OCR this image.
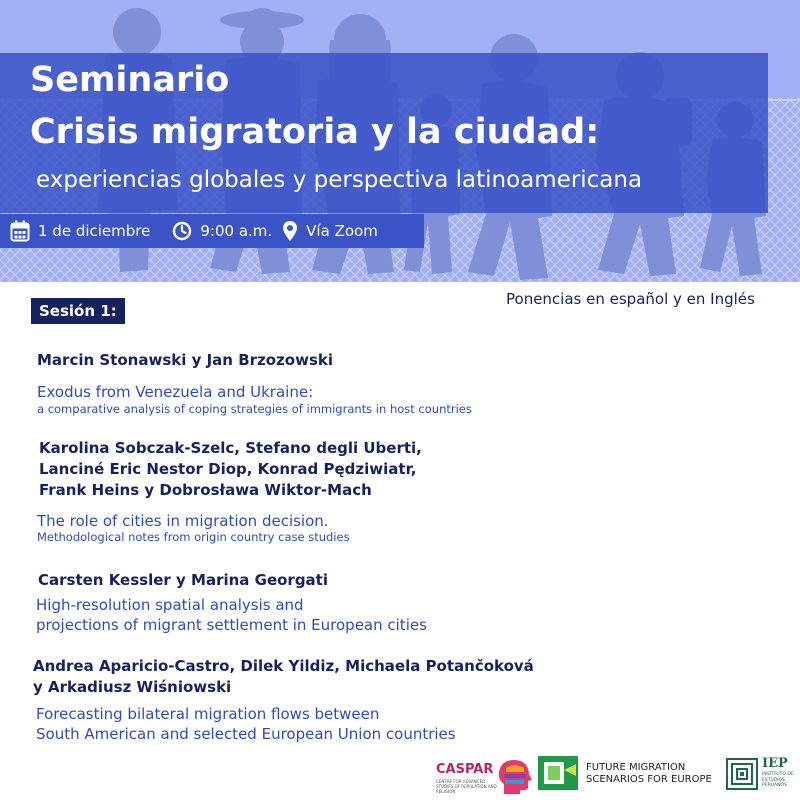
Seminario
Crisis migratoria y la ciudad:
experiencias globales y perspectiva latinoamericana
1 de diciembre	9:00 a.m. Vía Zoom
Ponencias en español y en Inglés
Sesión 1:
Marcin Stonawski y Jan Brzozowski
Exodus from Venezuela and Ukraine:
a comparative analysis of coping strategies of immigrants in host countries
Karolina Sobczak-Szelc, Stefano degli Uberti,
Lanciné Eric Nestor Diop, Konrad Pędziwiatr,
Frank Heins y Dobrosława Wiktor-Mach
The role of cities in migration decision.
Methodological notes from origin country case studies
Carsten Kessler y Marina Georgati
High-resolution spatial analysis and
projections of migrant settlement in European cities
Andrea Aparicio-Castro, Dilek Yildiz, Michaela Potančoková
y Arkadiusz Wiśniowski
Forecasting bilateral migration flows between
South American and selected European Union countries
CASPAR
CENTRE FOR ADVANCED STUDIES OF POPULATION AND RELIGION
FUTURE MIGRATION
SCENARIOS FOR EUROPE
IEP
INSTITUTO DE
ESTUDIOS
PERUANOS
